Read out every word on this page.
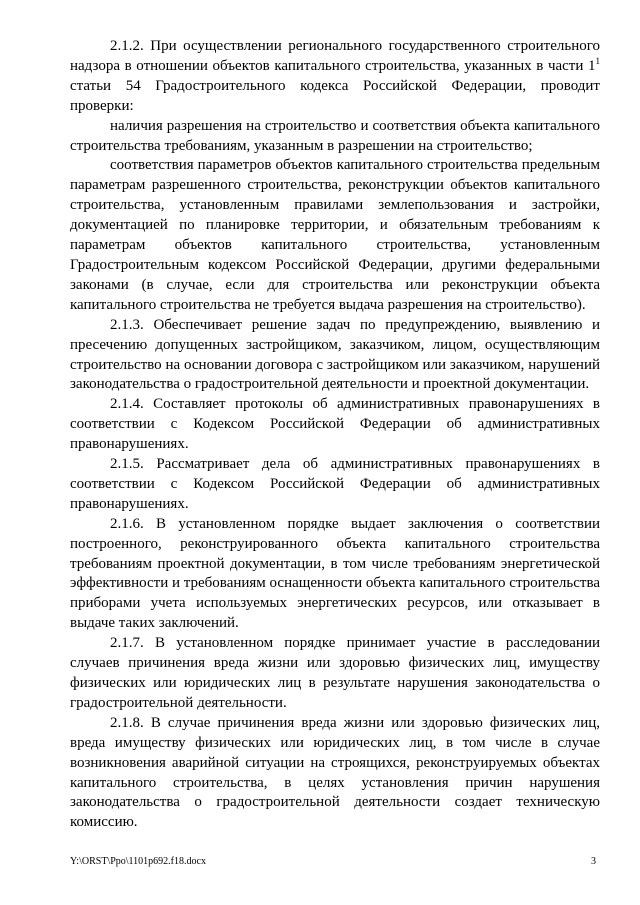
2.1.2. При осуществлении регионального государственного строительного надзора в отношении объектов капитального строительства, указанных в части $1^1$ статьи 54 Градостроительного кодекса Российской Федерации, проводит проверки:

наличия разрешения на строительство и соответствия объекта капитального строительства требованиям, указанным в разрешении на строительство;

соответствия параметров объектов капитального строительства предельным параметрам разрешенного строительства, реконструкции объектов капитального строительства, установленным правилами землепользования и застройки, документацией по планировке территории, и обязательным требованиям к параметрам объектов капитального строительства, установленным Градостроительным кодексом Российской Федерации, другими федеральными законами (в случае, если для строительства или реконструкции объекта капитального строительства не требуется выдача разрешения на строительство).

2.1.3. Обеспечивает решение задач по предупреждению, выявлению и пресечению допущенных застройщиком, заказчиком, лицом, осуществляющим строительство на основании договора с застройщиком или заказчиком, нарушений законодательства о градостроительной деятельности и проектной документации.

2.1.4. Составляет протоколы об административных правонарушениях в соответствии с Кодексом Российской Федерации об административных правонарушениях.

2.1.5. Рассматривает дела об административных правонарушениях в соответствии с Кодексом Российской Федерации об административных правонарушениях.

2.1.6. В установленном порядке выдает заключения о соответствии построенного, реконструированного объекта капитального строительства требованиям проектной документации, в том числе требованиям энергетической эффективности и требованиям оснащенности объекта капитального строительства приборами учета используемых энергетических ресурсов, или отказывает в выдаче таких заключений.

2.1.7. В установленном порядке принимает участие в расследовании случаев причинения вреда жизни или здоровью физических лиц, имуществу физических или юридических лиц в результате нарушения законодательства о градостроительной деятельности.

2.1.8. В случае причинения вреда жизни или здоровью физических лиц, вреда имуществу физических или юридических лиц, в том числе в случае возникновения аварийной ситуации на строящихся, реконструируемых объектах капитального строительства, в целях установления причин нарушения законодательства о градостроительной деятельности создает техническую комиссию.

Y:\ORST\Ppo\1101p692.f18.docx	3
